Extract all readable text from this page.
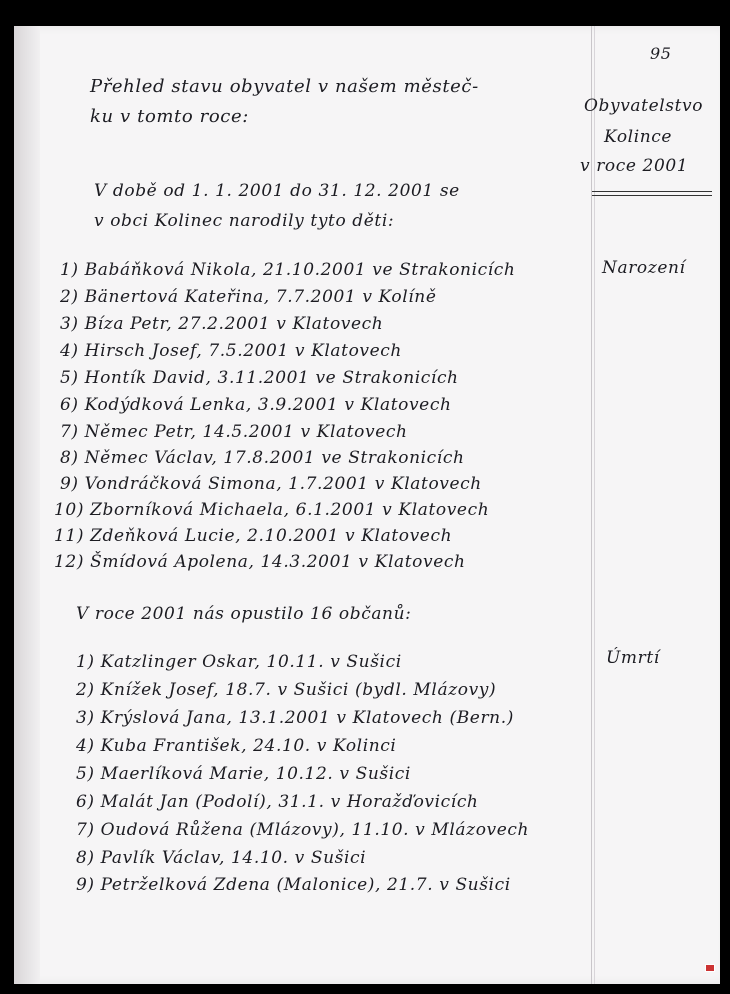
95
Přehled stavu obyvatel v našem městeč-
ku v tomto roce:	Obyvatelstvo
Kolince
v roce 2001
V době od 1. 1. 2001 do 31. 12. 2001 se
v obci Kolinec narodily tyto děti:
Narození
1) Babáňková Nikola, 21.10.2001 ve Strakonicích
2) Bänertová Kateřina, 7.7.2001 v Kolíně
3) Bíza Petr, 27.2.2001 v Klatovech
4) Hirsch Josef, 7.5.2001 v Klatovech
5) Hontík David, 3.11.2001 ve Strakonicích
6) Kodýdková Lenka, 3.9.2001 v Klatovech
7) Němec Petr, 14.5.2001 v Klatovech
8) Němec Václav, 17.8.2001 ve Strakonicích
9) Vondráčková Simona, 1.7.2001 v Klatovech
10) Zborníková Michaela, 6.1.2001 v Klatovech
11) Zdeňková Lucie, 2.10.2001 v Klatovech
12) Šmídová Apolena, 14.3.2001 v Klatovech
V roce 2001 nás opustilo 16 občanů:
Úmrtí
1) Katzlinger Oskar, 10.11. v Sušici
2) Knížek Josef, 18.7. v Sušici (bydl. Mlázovy)
3) Krýslová Jana, 13.1.2001 v Klatovech (Bern.)
4) Kuba František, 24.10. v Kolinci
5) Maerlíková Marie, 10.12. v Sušici
6) Malát Jan (Podolí), 31.1. v Horažďovicích
7) Oudová Růžena (Mlázovy), 11.10. v Mlázovech
8) Pavlík Václav, 14.10. v Sušici
9) Petrželková Zdena (Malonice), 21.7. v Sušici
